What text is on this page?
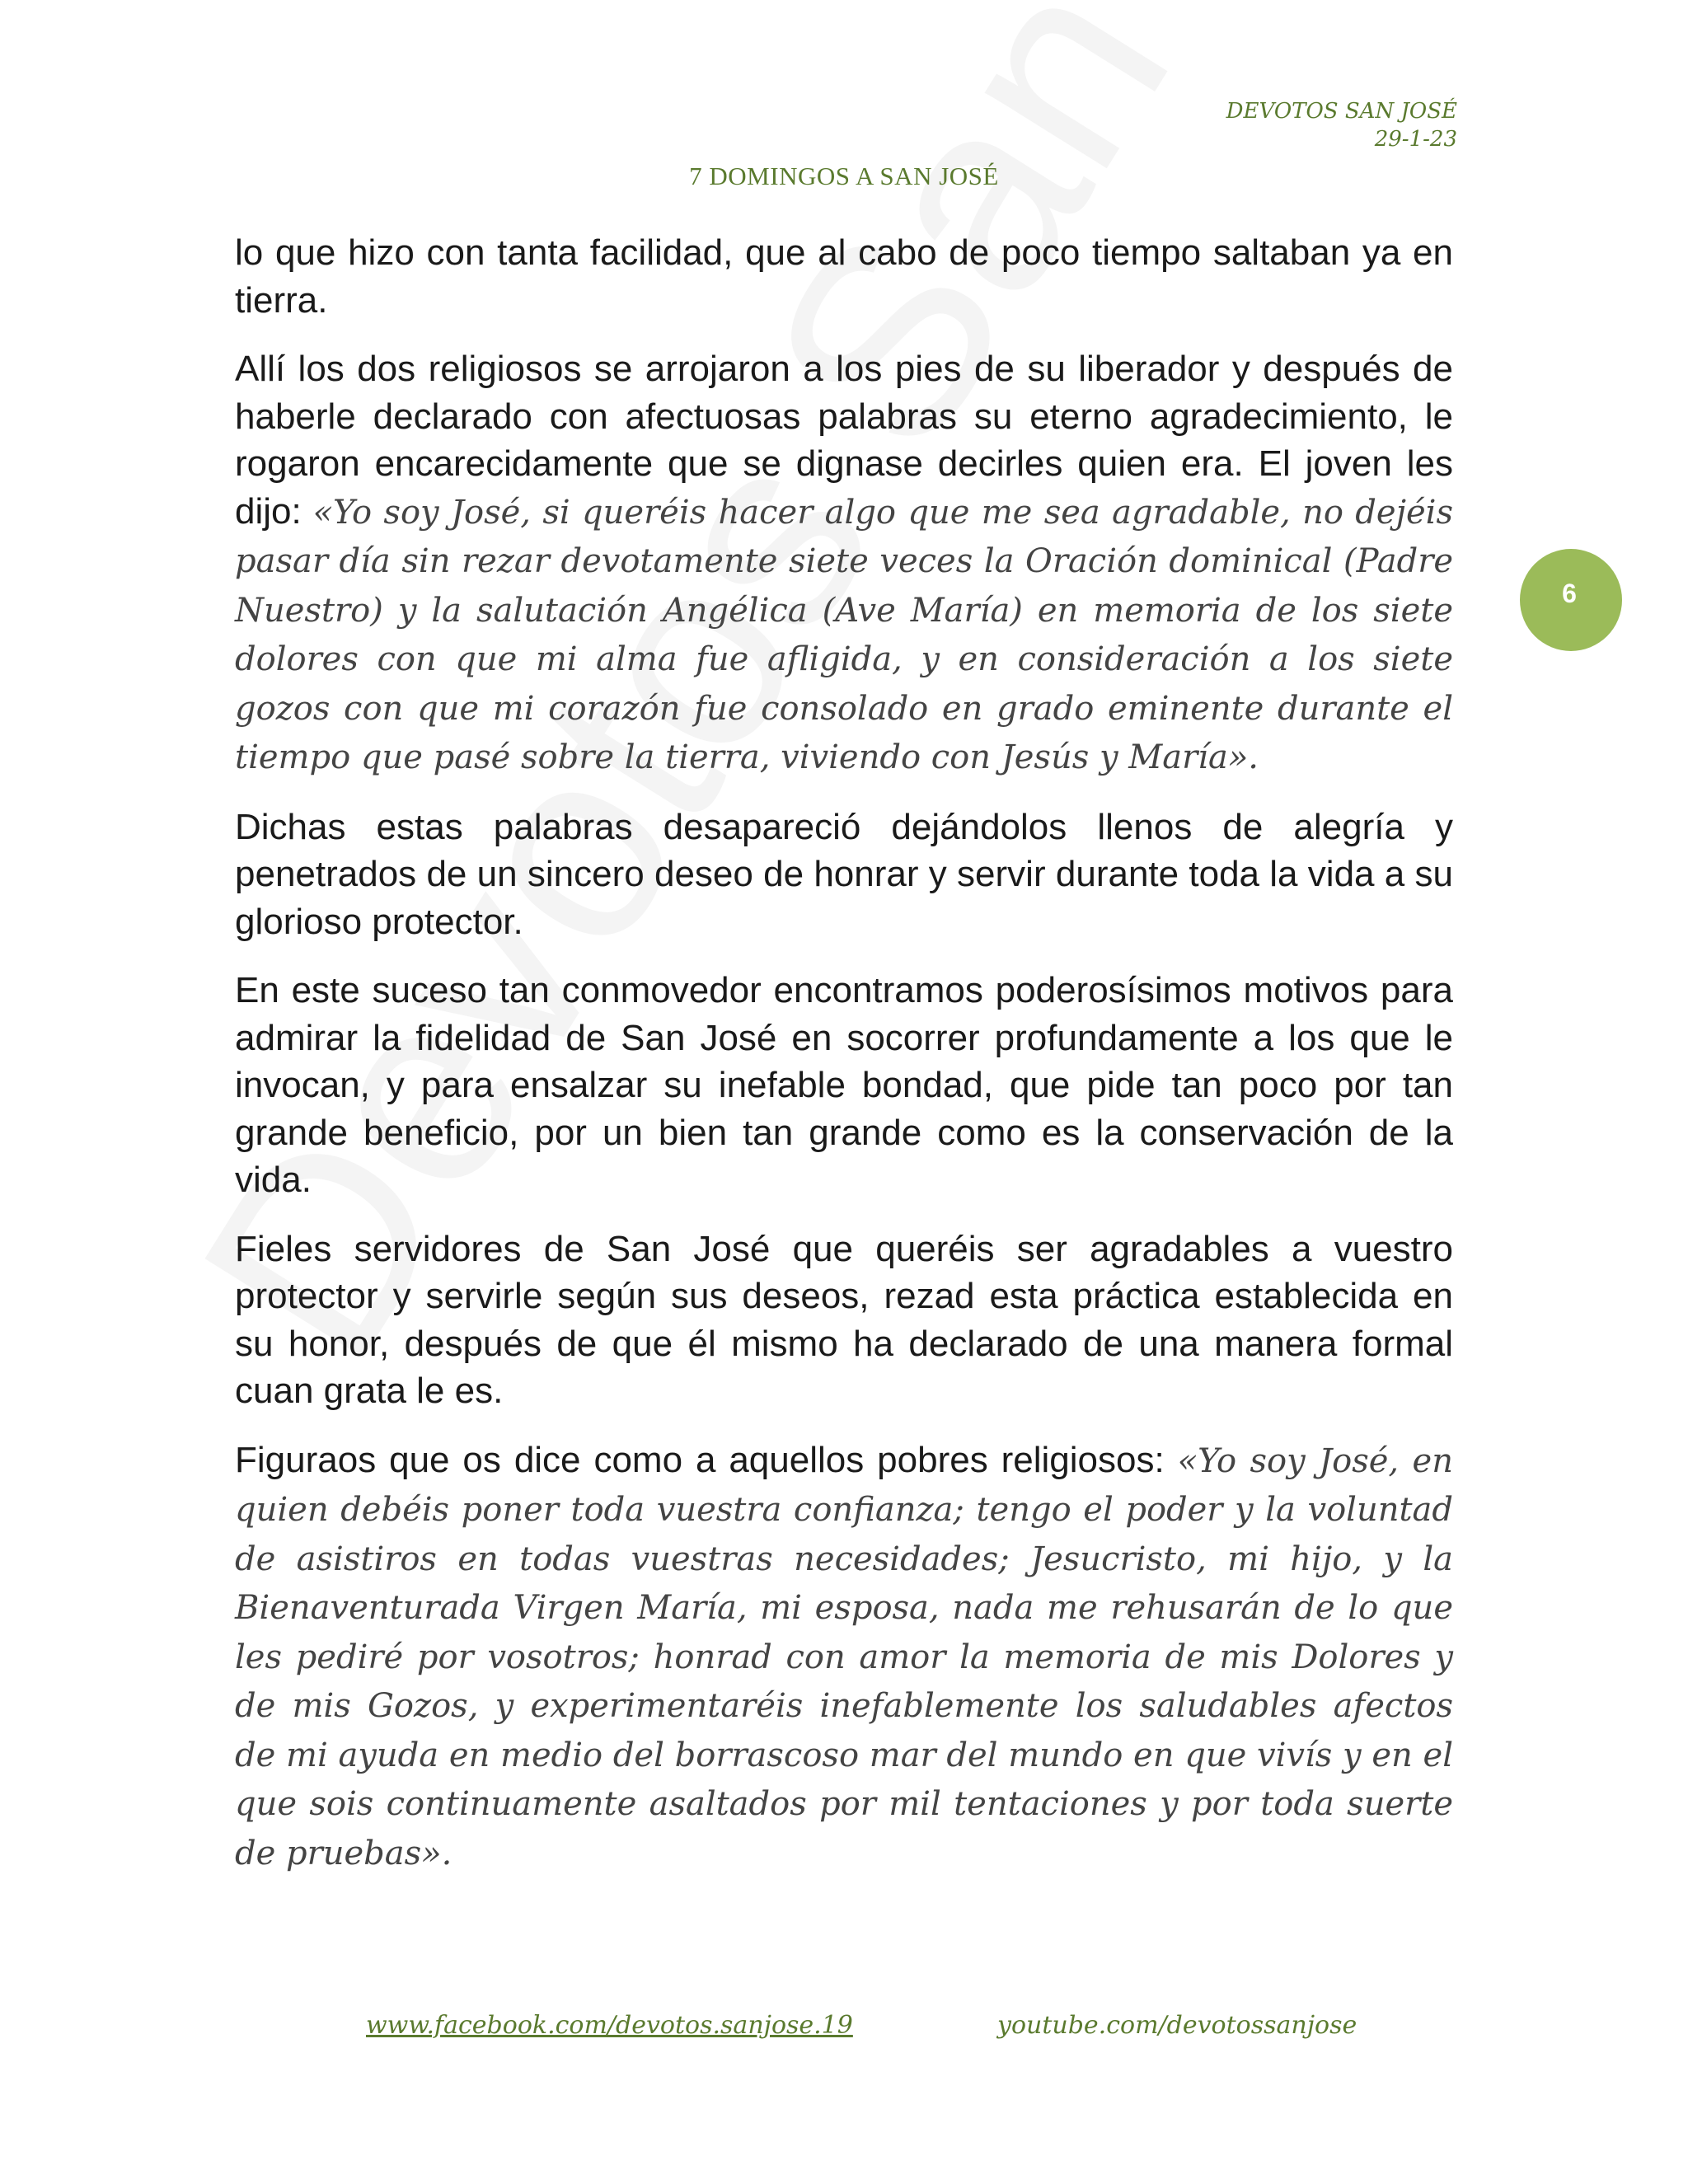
DEVOTOS SAN JOSÉ
29-1-23
7 DOMINGOS A SAN JOSÉ
6

lo que hizo con tanta facilidad, que al cabo de poco tiempo saltaban ya en tierra.

Allí los dos religiosos se arrojaron a los pies de su liberador y después de haberle declarado con afectuosas palabras su eterno agradecimiento, le rogaron encarecidamente que se dignase decirles quien era. El joven les dijo: «Yo soy José, si queréis hacer algo que me sea agradable, no dejéis pasar día sin rezar devotamente siete veces la Oración dominical (Padre Nuestro) y la salutación Angélica (Ave María) en memoria de los siete dolores con que mi alma fue afligida, y en consideración a los siete gozos con que mi corazón fue consolado en grado eminente durante el tiempo que pasé sobre la tierra, viviendo con Jesús y María».

Dichas estas palabras desapareció dejándolos llenos de alegría y penetrados de un sincero deseo de honrar y servir durante toda la vida a su glorioso protector.

En este suceso tan conmovedor encontramos poderosísimos motivos para admirar la fidelidad de San José en socorrer profundamente a los que le invocan, y para ensalzar su inefable bondad, que pide tan poco por tan grande beneficio, por un bien tan grande como es la conservación de la vida.

Fieles servidores de San José que queréis ser agradables a vuestro protector y servirle según sus deseos, rezad esta práctica establecida en su honor, después de que él mismo ha declarado de una manera formal cuan grata le es.

Figuraos que os dice como a aquellos pobres religiosos: «Yo soy José, en quien debéis poner toda vuestra confianza; tengo el poder y la voluntad de asistiros en todas vuestras necesidades; Jesucristo, mi hijo, y la Bienaventurada Virgen María, mi esposa, nada me rehusarán de lo que les pediré por vosotros; honrad con amor la memoria de mis Dolores y de mis Gozos, y experimentaréis inefablemente los saludables afectos de mi ayuda en medio del borrascoso mar del mundo en que vivís y en el que sois continuamente asaltados por mil tentaciones y por toda suerte de pruebas».

www.facebook.com/devotos.sanjose.19	youtube.com/devotossanjose
